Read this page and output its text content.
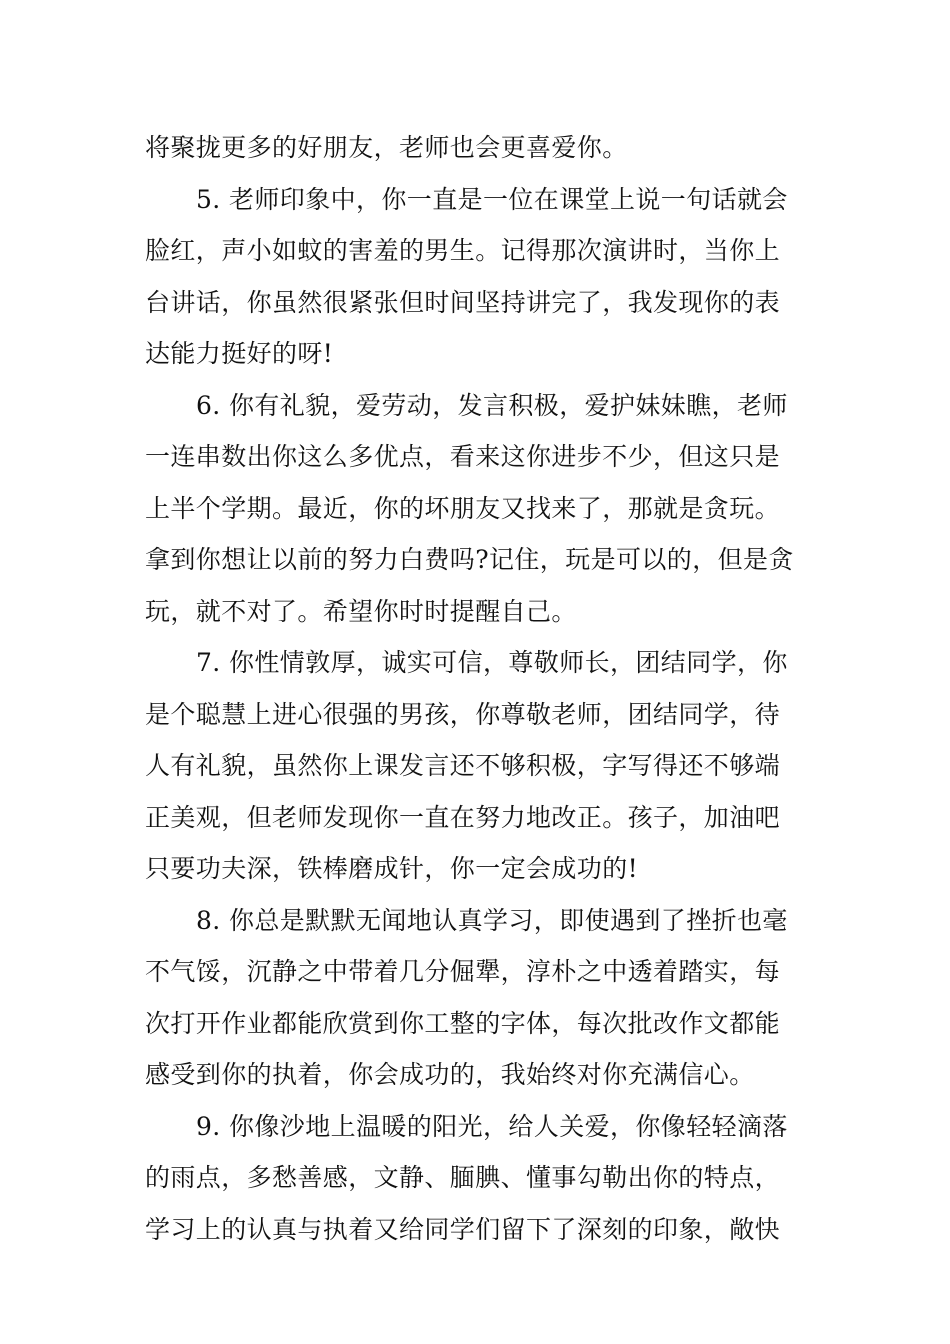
将聚拢更多的好朋友，老师也会更喜爱你。
5. 老师印象中，你一直是一位在课堂上说一句话就会
脸红，声小如蚊的害羞的男生。记得那次演讲时，当你上
台讲话，你虽然很紧张但时间坚持讲完了，我发现你的表
达能力挺好的呀!
6. 你有礼貌，爱劳动，发言积极，爱护妹妹瞧，老师
一连串数出你这么多优点，看来这你进步不少，但这只是
上半个学期。最近，你的坏朋友又找来了，那就是贪玩。
拿到你想让以前的努力白费吗?记住，玩是可以的，但是贪
玩，就不对了。希望你时时提醒自己。
7. 你性情敦厚，诚实可信，尊敬师长，团结同学，你
是个聪慧上进心很强的男孩，你尊敬老师，团结同学，待
人有礼貌，虽然你上课发言还不够积极，字写得还不够端
正美观，但老师发现你一直在努力地改正。孩子，加油吧
只要功夫深，铁棒磨成针，你一定会成功的!
8. 你总是默默无闻地认真学习，即使遇到了挫折也毫
不气馁，沉静之中带着几分倔犟，淳朴之中透着踏实，每
次打开作业都能欣赏到你工整的字体，每次批改作文都能
感受到你的执着，你会成功的，我始终对你充满信心。
9. 你像沙地上温暖的阳光，给人关爱，你像轻轻滴落
的雨点，多愁善感，文静、腼腆、懂事勾勒出你的特点，
学习上的认真与执着又给同学们留下了深刻的印象，敞快
